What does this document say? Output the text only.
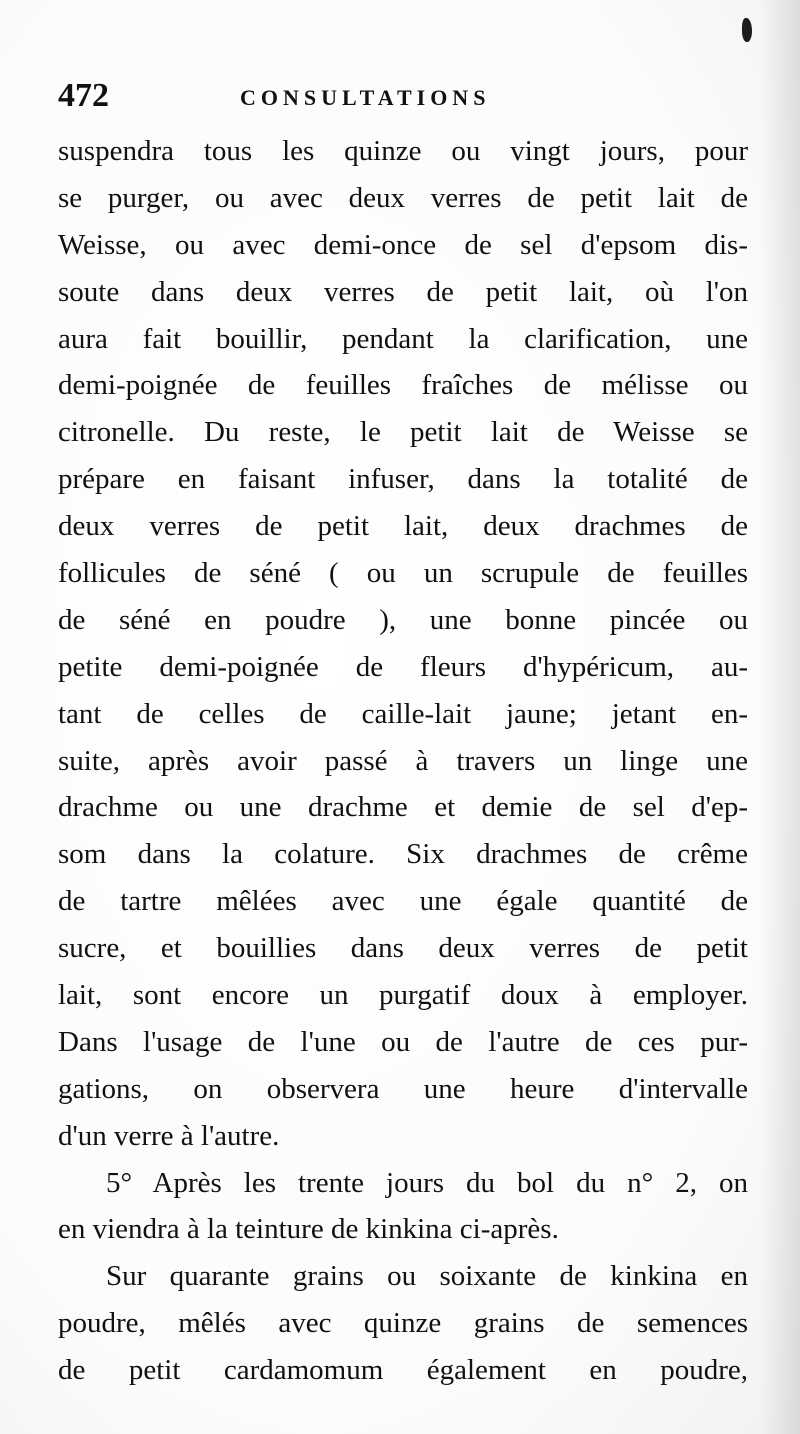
472	CONSULTATIONS
suspendra tous les quinze ou vingt jours, pour
se purger, ou avec deux verres de petit lait de
Weisse, ou avec demi-once de sel d'epsom dis-
soute dans deux verres de petit lait, où l'on
aura fait bouillir, pendant la clarification, une
demi-poignée de feuilles fraîches de mélisse ou
citronelle. Du reste, le petit lait de Weisse se
prépare en faisant infuser, dans la totalité de
deux verres de petit lait, deux drachmes de
follicules de séné ( ou un scrupule de feuilles
de séné en poudre ), une bonne pincée ou
petite demi-poignée de fleurs d'hypéricum, au-
tant de celles de caille-lait jaune; jetant en-
suite, après avoir passé à travers un linge une
drachme ou une drachme et demie de sel d'ep-
som dans la colature. Six drachmes de crême
de tartre mêlées avec une égale quantité de
sucre, et bouillies dans deux verres de petit
lait, sont encore un purgatif doux à employer.
Dans l'usage de l'une ou de l'autre de ces pur-
gations, on observera une heure d'intervalle
d'un verre à l'autre.
5° Après les trente jours du bol du n° 2, on
en viendra à la teinture de kinkina ci-après.
Sur quarante grains ou soixante de kinkina en
poudre, mêlés avec quinze grains de semences
de petit cardamomum également en poudre,
